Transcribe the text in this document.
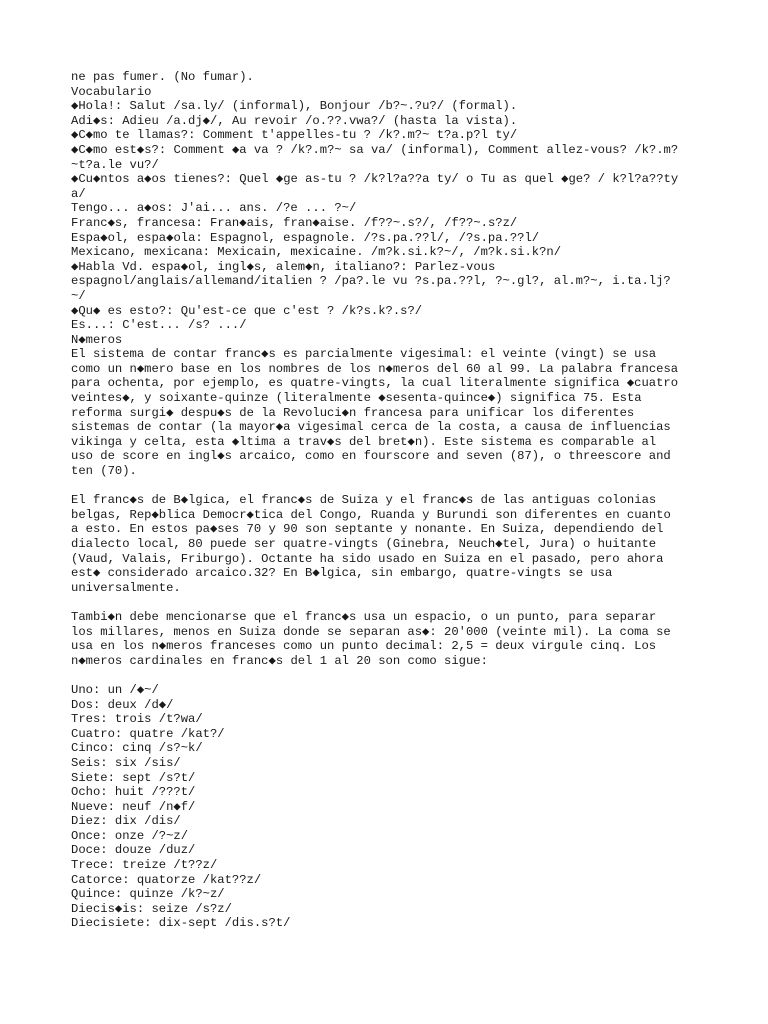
ne pas fumer. (No fumar).
Vocabulario
◆Hola!: Salut /sa.ly/ (informal), Bonjour /b?~.?u?/ (formal).
Adi◆s: Adieu /a.dj◆/, Au revoir /o.??.vwa?/ (hasta la vista).
◆C◆mo te llamas?: Comment t'appelles-tu ? /k?.m?~ t?a.p?l ty/
◆C◆mo est◆s?: Comment ◆a va ? /k?.m?~ sa va/ (informal), Comment allez-vous? /k?.m?
~t?a.le vu?/
◆Cu◆ntos a◆os tienes?: Quel ◆ge as-tu ? /k?l?a??a ty/ o Tu as quel ◆ge? / k?l?a??ty
a/
Tengo... a◆os: J'ai... ans. /?e ... ?~/
Franc◆s, francesa: Fran◆ais, fran◆aise. /f??~.s?/, /f??~.s?z/
Espa◆ol, espa◆ola: Espagnol, espagnole. /?s.pa.??l/, /?s.pa.??l/
Mexicano, mexicana: Mexicain, mexicaine. /m?k.si.k?~/, /m?k.si.k?n/
◆Habla Vd. espa◆ol, ingl◆s, alem◆n, italiano?: Parlez-vous
espagnol/anglais/allemand/italien ? /pa?.le vu ?s.pa.??l, ?~.gl?, al.m?~, i.ta.lj?
~/
◆Qu◆ es esto?: Qu'est-ce que c'est ? /k?s.k?.s?/
Es...: C'est... /s? .../
N◆meros
El sistema de contar franc◆s es parcialmente vigesimal: el veinte (vingt) se usa
como un n◆mero base en los nombres de los n◆meros del 60 al 99. La palabra francesa
para ochenta, por ejemplo, es quatre-vingts, la cual literalmente significa ◆cuatro
veintes◆, y soixante-quinze (literalmente ◆sesenta-quince◆) significa 75. Esta
reforma surgi◆ despu◆s de la Revoluci◆n francesa para unificar los diferentes
sistemas de contar (la mayor◆a vigesimal cerca de la costa, a causa de influencias
vikinga y celta, esta ◆ltima a trav◆s del bret◆n). Este sistema es comparable al
uso de score en ingl◆s arcaico, como en fourscore and seven (87), o threescore and
ten (70).
El franc◆s de B◆lgica, el franc◆s de Suiza y el franc◆s de las antiguas colonias
belgas, Rep◆blica Democr◆tica del Congo, Ruanda y Burundi son diferentes en cuanto
a esto. En estos pa◆ses 70 y 90 son septante y nonante. En Suiza, dependiendo del
dialecto local, 80 puede ser quatre-vingts (Ginebra, Neuch◆tel, Jura) o huitante
(Vaud, Valais, Friburgo). Octante ha sido usado en Suiza en el pasado, pero ahora
est◆ considerado arcaico.32? En B◆lgica, sin embargo, quatre-vingts se usa
universalmente.
Tambi◆n debe mencionarse que el franc◆s usa un espacio, o un punto, para separar
los millares, menos en Suiza donde se separan as◆: 20'000 (veinte mil). La coma se
usa en los n◆meros franceses como un punto decimal: 2,5 = deux virgule cinq. Los
n◆meros cardinales en franc◆s del 1 al 20 son como sigue:
Uno: un /◆~/
Dos: deux /d◆/
Tres: trois /t?wa/
Cuatro: quatre /kat?/
Cinco: cinq /s?~k/
Seis: six /sis/
Siete: sept /s?t/
Ocho: huit /???t/
Nueve: neuf /n◆f/
Diez: dix /dis/
Once: onze /?~z/
Doce: douze /duz/
Trece: treize /t??z/
Catorce: quatorze /kat??z/
Quince: quinze /k?~z/
Diecis◆is: seize /s?z/
Diecisiete: dix-sept /dis.s?t/
